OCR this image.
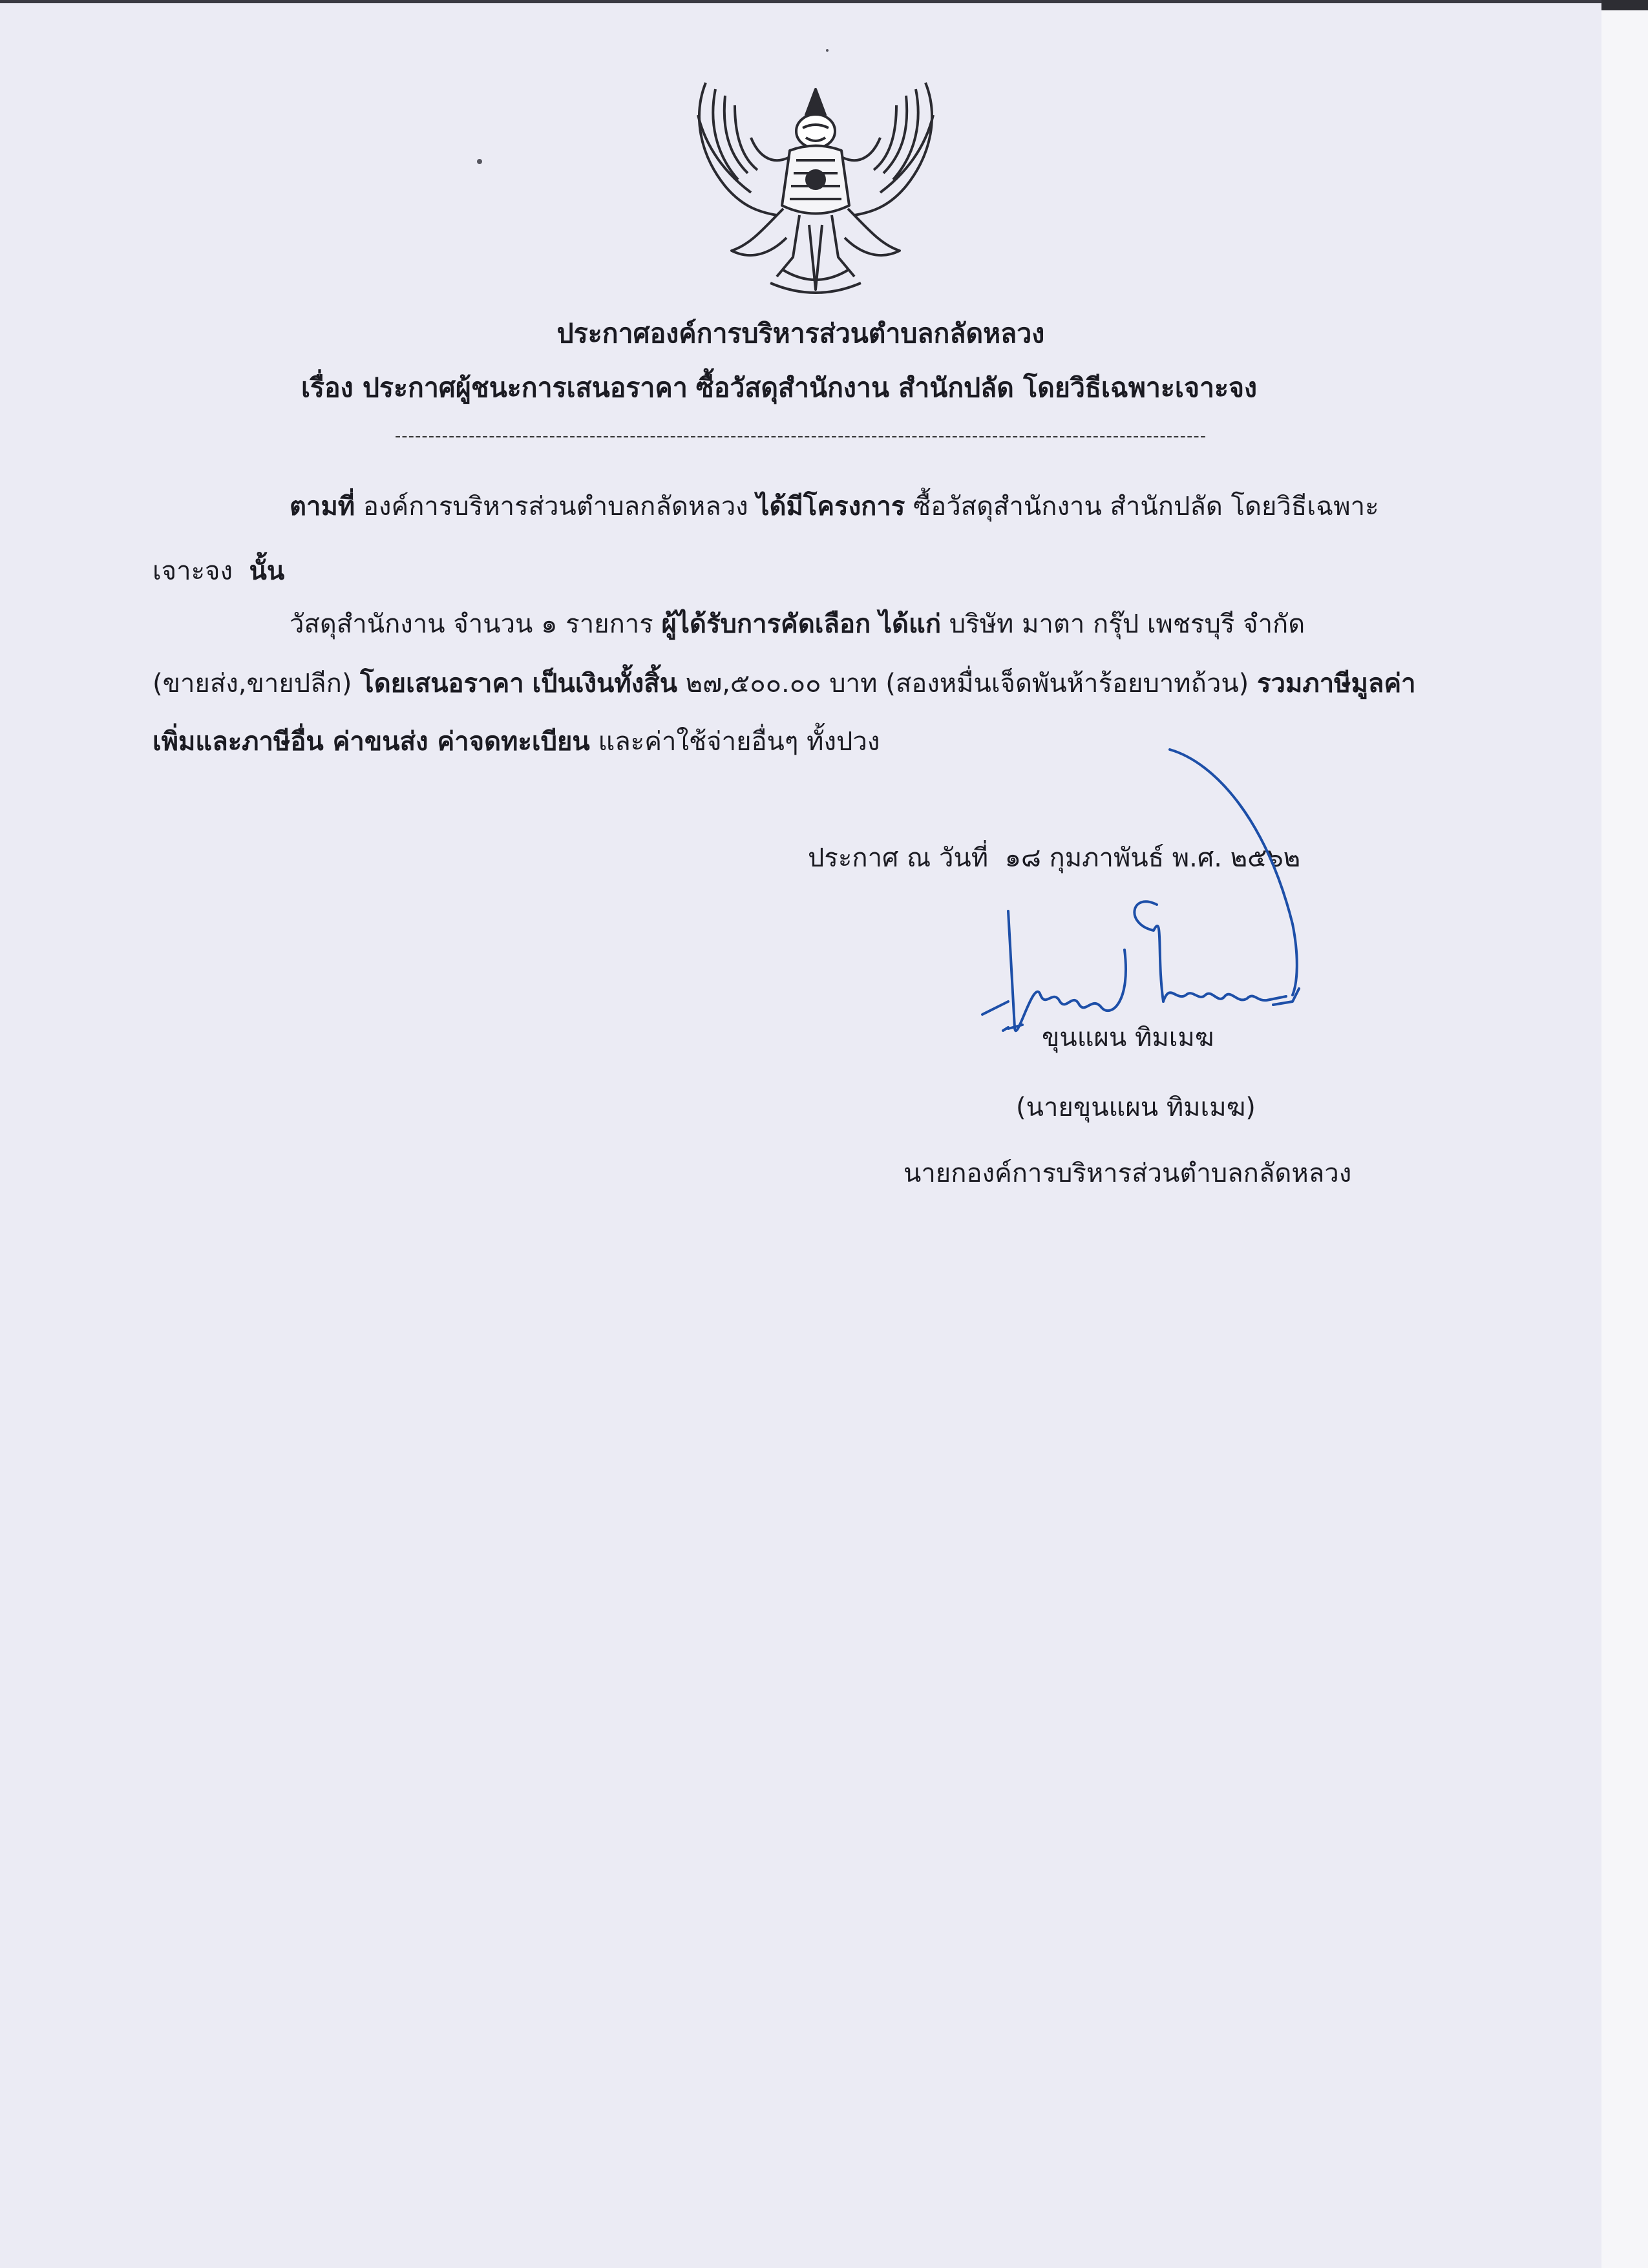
ประกาศองค์การบริหารส่วนตำบลกลัดหลวง
เรื่อง ประกาศผู้ชนะการเสนอราคา ซื้อวัสดุสำนักงาน สำนักปลัด โดยวิธีเฉพาะเจาะจง
-------------------------------------------------------------------------------------------------------------------------
ตามที่ องค์การบริหารส่วนตำบลกลัดหลวง ได้มีโครงการ ซื้อวัสดุสำนักงาน สำนักปลัด โดยวิธีเฉพาะ
เจาะจง นั้น
วัสดุสำนักงาน จำนวน ๑ รายการ ผู้ได้รับการคัดเลือก ได้แก่ บริษัท มาตา กรุ๊ป เพชรบุรี จำกัด
(ขายส่ง,ขายปลีก) โดยเสนอราคา เป็นเงินทั้งสิ้น ๒๗,๕๐๐.๐๐ บาท (สองหมื่นเจ็ดพันห้าร้อยบาทถ้วน) รวมภาษีมูลค่า
เพิ่มและภาษีอื่น ค่าขนส่ง ค่าจดทะเบียน และค่าใช้จ่ายอื่นๆ ทั้งปวง
ประกาศ ณ วันที่ ๑๘ กุมภาพันธ์ พ.ศ. ๒๕๖๒
ขุนแผน ทิมเมฆ
(นายขุนแผน ทิมเมฆ)
นายกองค์การบริหารส่วนตำบลกลัดหลวง
